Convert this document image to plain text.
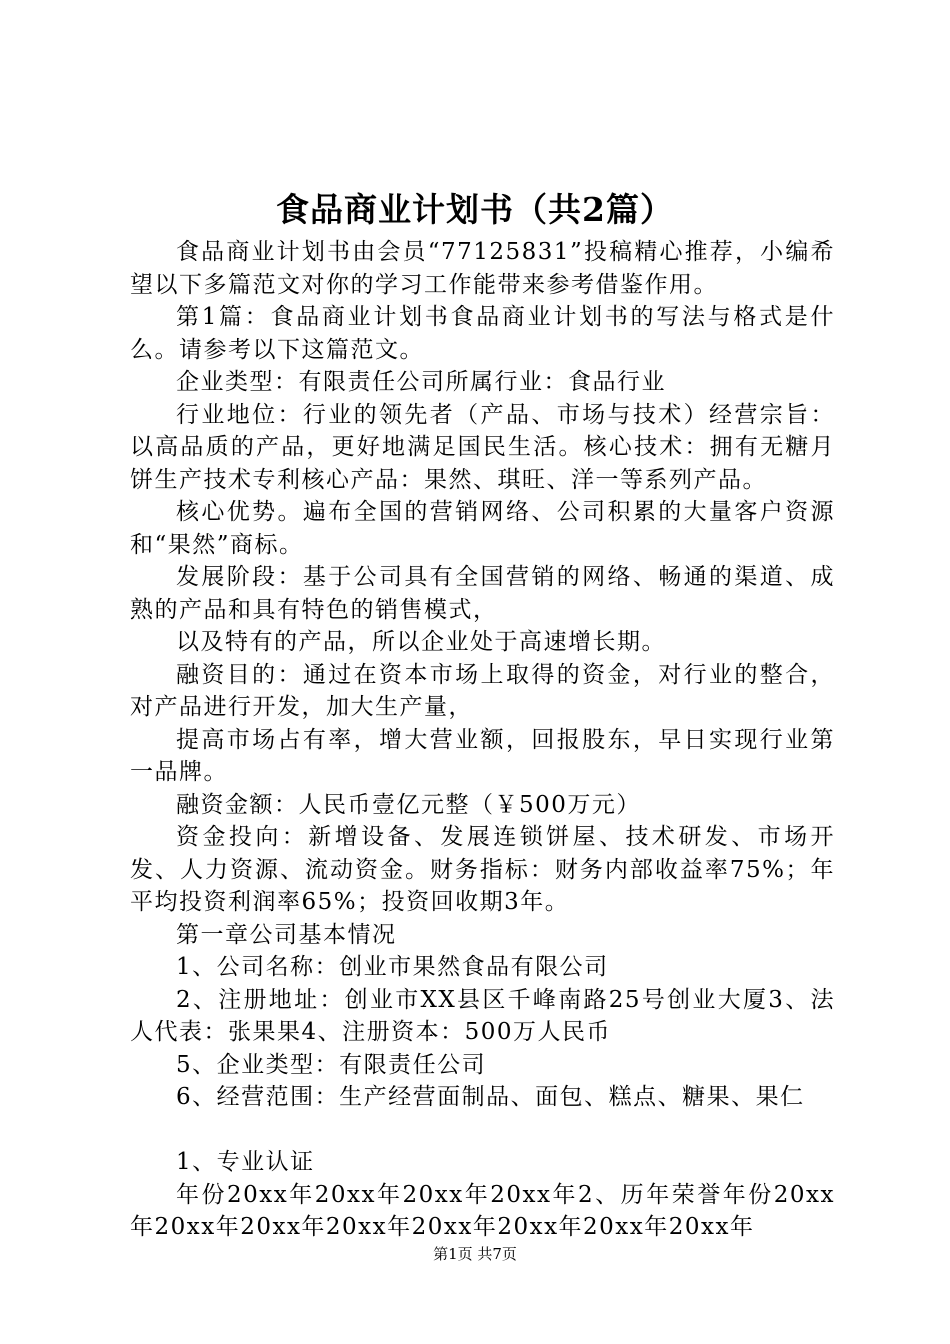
食品商业计划书（共2篇）

食品商业计划书由会员“77125831”投稿精心推荐，小编希望以下多篇范文对你的学习工作能带来参考借鉴作用。

第1篇：食品商业计划书食品商业计划书的写法与格式是什么。请参考以下这篇范文。

企业类型：有限责任公司所属行业：食品行业

行业地位：行业的领先者（产品、市场与技术）经营宗旨：以高品质的产品，更好地满足国民生活。核心技术：拥有无糖月饼生产技术专利核心产品：果然、琪旺、洋一等系列产品。

核心优势。遍布全国的营销网络、公司积累的大量客户资源和“果然”商标。

发展阶段：基于公司具有全国营销的网络、畅通的渠道、成熟的产品和具有特色的销售模式，

以及特有的产品，所以企业处于高速增长期。

融资目的：通过在资本市场上取得的资金，对行业的整合，对产品进行开发，加大生产量，

提高市场占有率，增大营业额，回报股东，早日实现行业第一品牌。

融资金额：人民币壹亿元整（￥500万元）

资金投向：新增设备、发展连锁饼屋、技术研发、市场开发、人力资源、流动资金。财务指标：财务内部收益率75%；年平均投资利润率65%；投资回收期3年。

第一章公司基本情况

1、公司名称：创业市果然食品有限公司

2、注册地址：创业市XX县区千峰南路25号创业大厦3、法人代表：张果果4、注册资本：500万人民币

5、企业类型：有限责任公司

6、经营范围：生产经营面制品、面包、糕点、糖果、果仁

1、专业认证

年份20xx年20xx年20xx年20xx年2、历年荣誉年份20xx年20xx年20xx年20xx年20xx年20xx年20xx年20xx年

第1页 共7页
